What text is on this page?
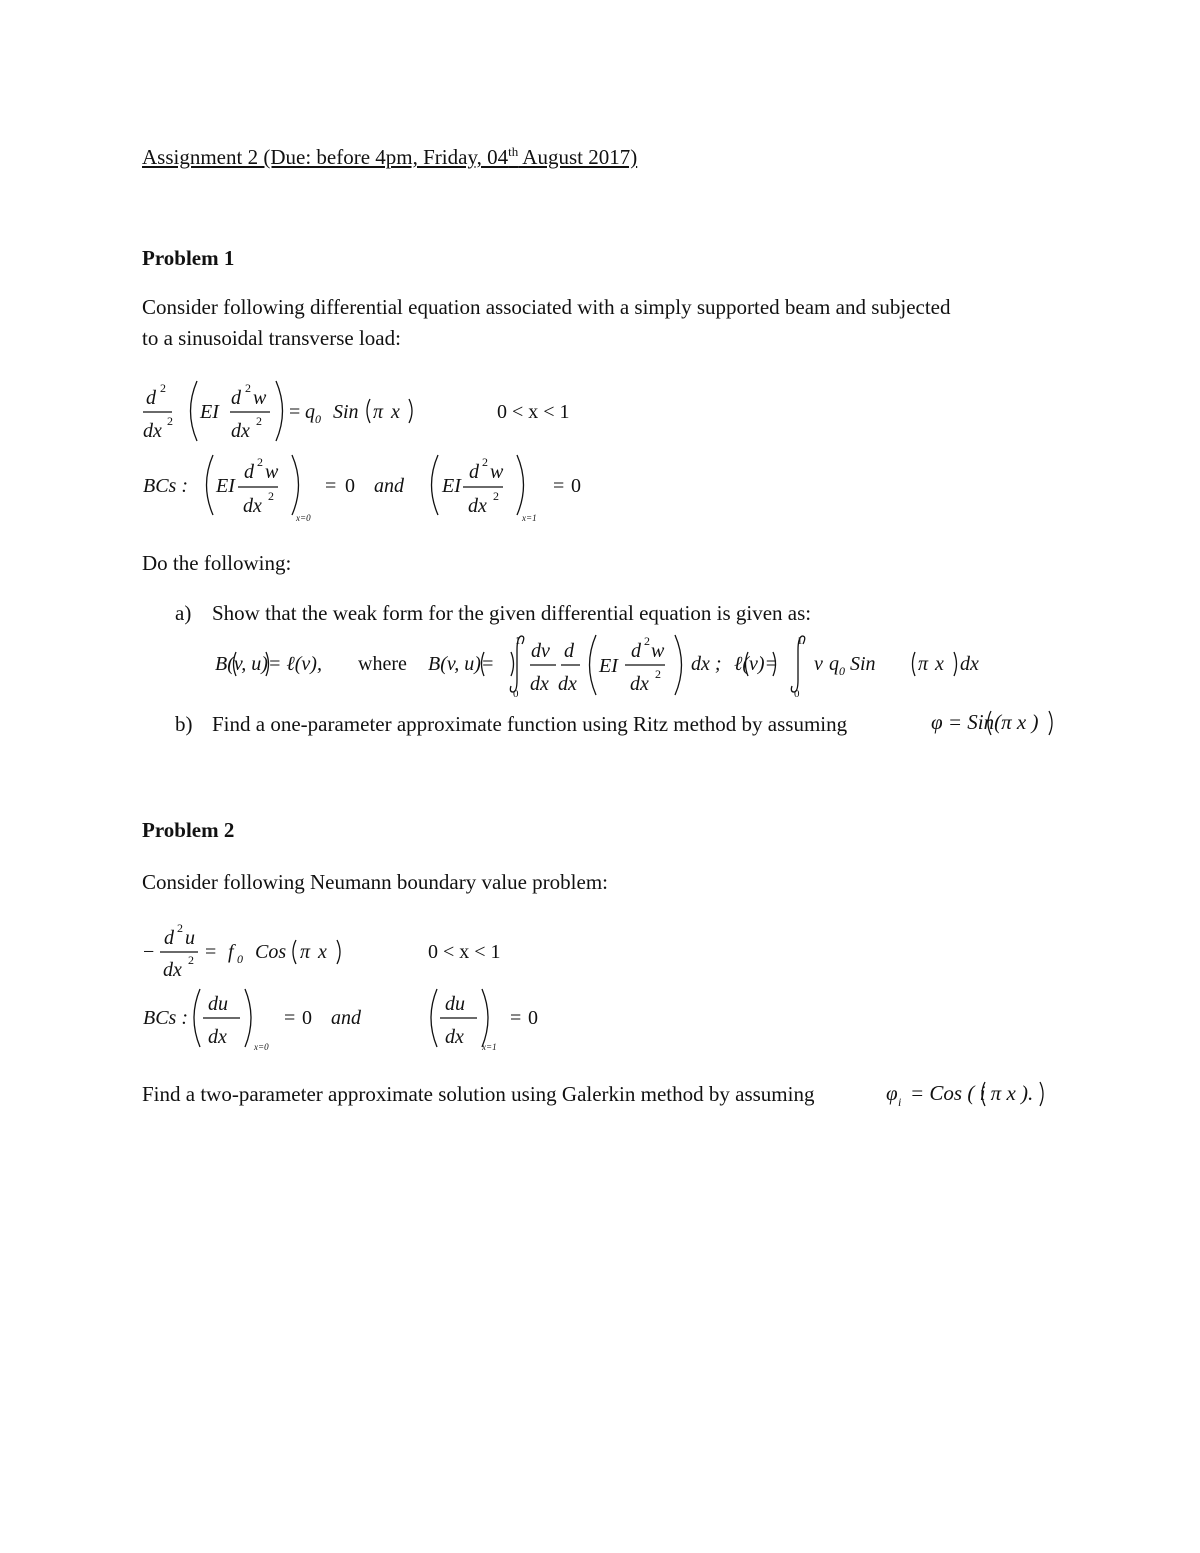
Assignment 2 (Due: before 4pm, Friday, 04th August 2017)
Problem 1
Consider following differential equation associated with a simply supported beam and subjected
to a sinusoidal transverse load:
Do the following:
a) Show that the weak form for the given differential equation is given as:
b) Find a one-parameter approximate function using Ritz method by assuming
Problem 2
Consider following Neumann boundary value problem:
Find a two-parameter approximate solution using Galerkin method by assuming
d 2
dx 2 EI
d 2 w
dx 2 = q 0 Sin π x	0 < x < 1
BCs : EI
d 2 w
dx 2
x=0
= 0 and EI
d 2 w
dx 2
x=1
= 0
B(v, u)= ℓ(v), where B(v, u)=
1
0
dv
dx
d
dx
EI
d 2 w
dx 2 dx ; ℓ(v)=
1
0
v q 0 Sin π x dx
φ = Sin(π x )
−
d 2 u
dx 2 = f 0 Cos π x	0 < x < 1
BCs :
du
dx	x=0
= 0 and
du
dx x=1
= 0
φ i = Cos ( i π x ).
